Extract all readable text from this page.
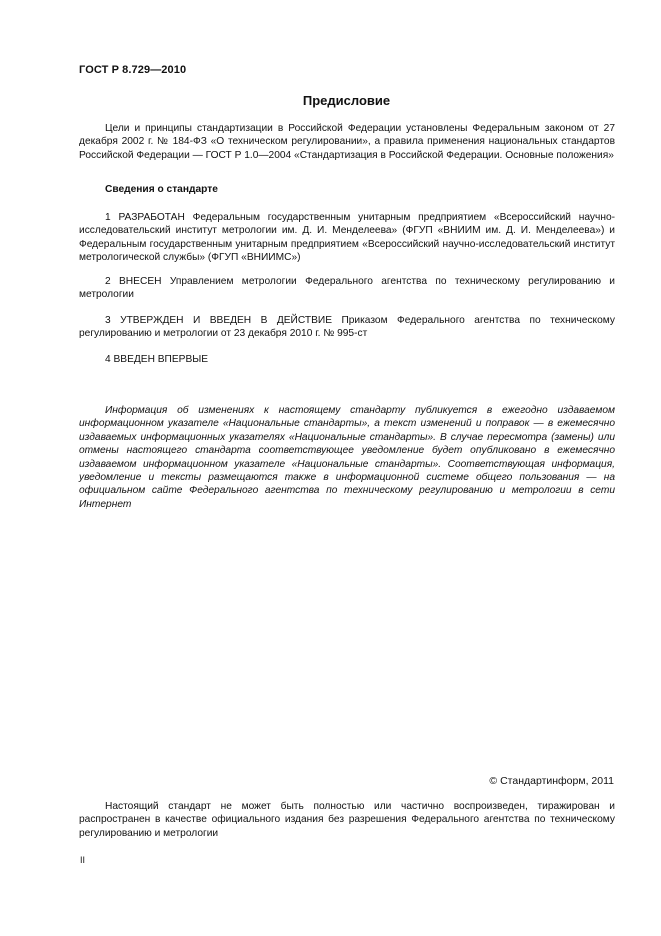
ГОСТ Р 8.729—2010
Предисловие
Цели и принципы стандартизации в Российской Федерации установлены Федеральным законом от 27 декабря 2002 г. № 184-ФЗ «О техническом регулировании», а правила применения национальных стандартов Российской Федерации — ГОСТ Р 1.0—2004 «Стандартизация в Российской Федерации. Основные положения»
Сведения о стандарте
1 РАЗРАБОТАН Федеральным государственным унитарным предприятием «Всероссийский научно-исследовательский институт метрологии им. Д. И. Менделеева» (ФГУП «ВНИИМ им. Д. И. Менделеева») и Федеральным государственным унитарным предприятием «Всероссийский научно-исследовательский институт метрологической службы» (ФГУП «ВНИИМС»)
2 ВНЕСЕН Управлением метрологии Федерального агентства по техническому регулированию и метрологии
3 УТВЕРЖДЕН И ВВЕДЕН В ДЕЙСТВИЕ Приказом Федерального агентства по техническому регулированию и метрологии от 23 декабря 2010 г. № 995-ст
4 ВВЕДЕН ВПЕРВЫЕ
Информация об изменениях к настоящему стандарту публикуется в ежегодно издаваемом информационном указателе «Национальные стандарты», а текст изменений и поправок — в ежемесячно издаваемых информационных указателях «Национальные стандарты». В случае пересмотра (замены) или отмены настоящего стандарта соответствующее уведомление будет опубликовано в ежемесячно издаваемом информационном указателе «Национальные стандарты». Соответствующая информация, уведомление и тексты размещаются также в информационной системе общего пользования — на официальном сайте Федерального агентства по техническому регулированию и метрологии в сети Интернет
© Стандартинформ, 2011
Настоящий стандарт не может быть полностью или частично воспроизведен, тиражирован и распространен в качестве официального издания без разрешения Федерального агентства по техническому регулированию и метрологии
II
